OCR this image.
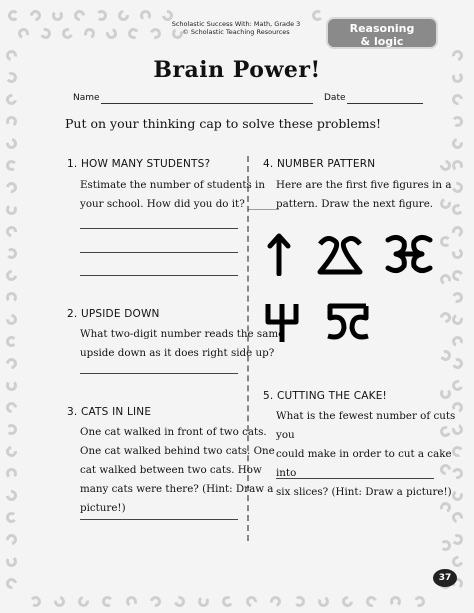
Scholastic Success With: Math, Grade 3
© Scholastic Teaching Resources	Reasoning
& logic
Brain Power!
Name	Date
Put on your thinking cap to solve these problems!
1. HOW MANY STUDENTS?
Estimate the number of students in
your school. How did you do it? ______
2. UPSIDE DOWN
What two-digit number reads the same
upside down as it does right side up?
3. CATS IN LINE
One cat walked in front of two cats.
One cat walked behind two cats. One
cat walked between two cats. How
many cats were there? (Hint: Draw a
picture!)
4. NUMBER PATTERN
Here are the first five figures in a
pattern. Draw the next figure.
5. CUTTING THE CAKE!
What is the fewest number of cuts you
could make in order to cut a cake into
six slices? (Hint: Draw a picture!)
37
